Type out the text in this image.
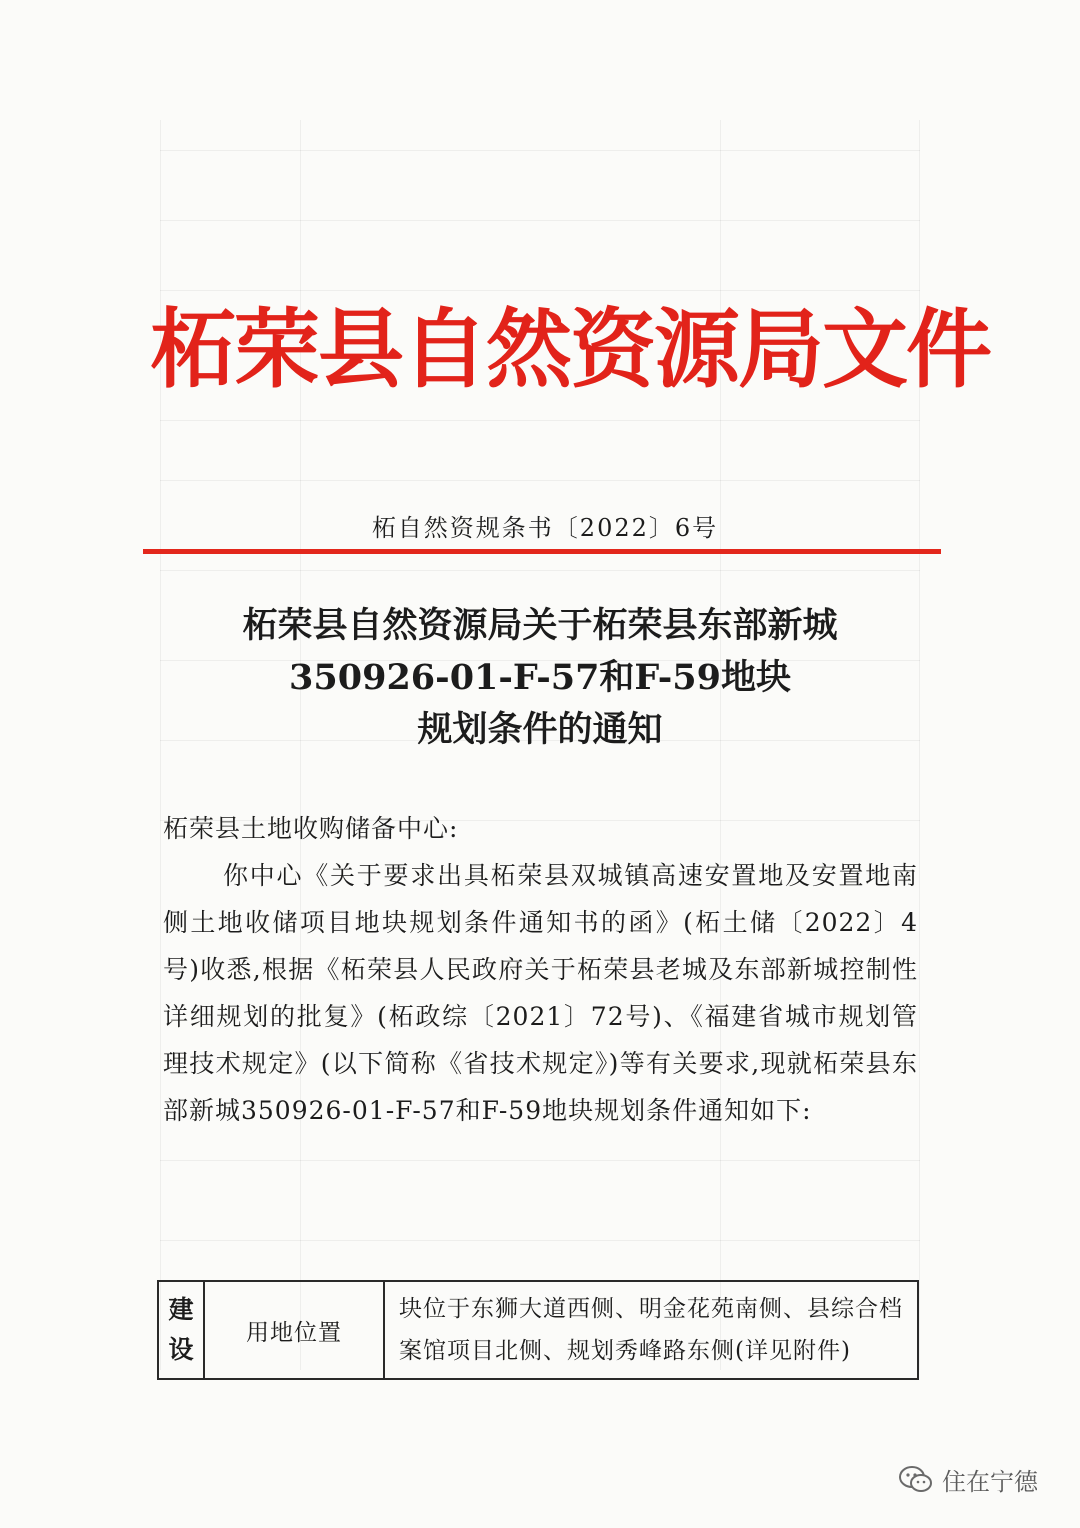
柘荣县自然资源局文件
柘自然资规条书〔2022〕6号
柘荣县自然资源局关于柘荣县东部新城
350926-01-F-57和F-59地块
规划条件的通知

柘荣县土地收购储备中心:

你中心《关于要求出具柘荣县双城镇高速安置地及安置地南侧土地收储项目地块规划条件通知书的函》(柘土储〔2022〕4号)收悉,根据《柘荣县人民政府关于柘荣县老城及东部新城控制性详细规划的批复》(柘政综〔2021〕72号)、《福建省城市规划管理技术规定》(以下简称《省技术规定》)等有关要求,现就柘荣县东部新城350926-01-F-57和F-59地块规划条件通知如下:

建
设
	用地位置	块位于东狮大道西侧、明金花苑南侧、县综合档案馆项目北侧、规划秀峰路东侧(详见附件)
住在宁德
